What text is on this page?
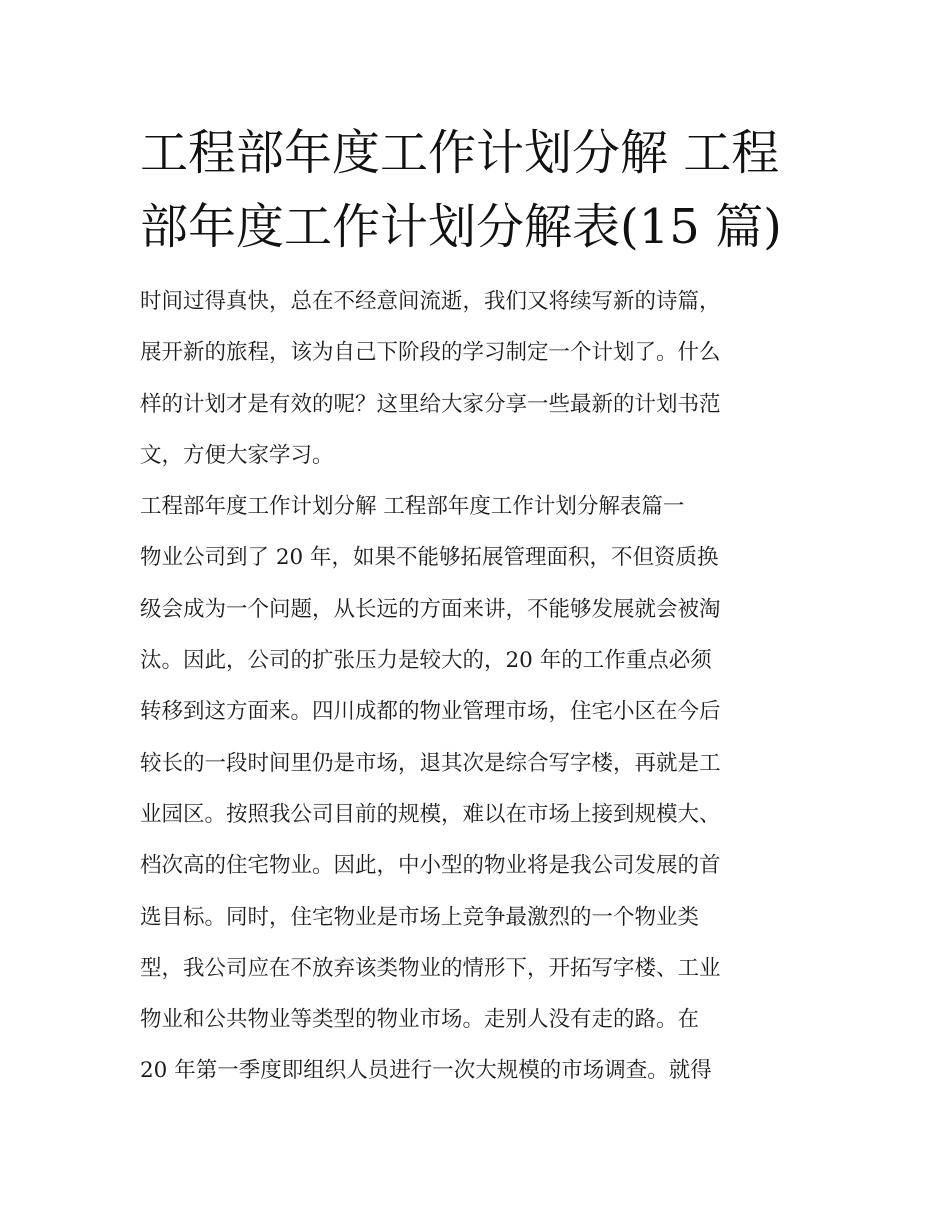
工程部年度工作计划分解 工程
部年度工作计划分解表(15 篇)
时间过得真快，总在不经意间流逝，我们又将续写新的诗篇，
展开新的旅程，该为自己下阶段的学习制定一个计划了。什么
样的计划才是有效的呢？这里给大家分享一些最新的计划书范
文，方便大家学习。
工程部年度工作计划分解 工程部年度工作计划分解表篇一
物业公司到了 20 年，如果不能够拓展管理面积，不但资质换
级会成为一个问题，从长远的方面来讲，不能够发展就会被淘
汰。因此，公司的扩张压力是较大的，20 年的工作重点必须
转移到这方面来。四川成都的物业管理市场，住宅小区在今后
较长的一段时间里仍是市场，退其次是综合写字楼，再就是工
业园区。按照我公司目前的规模，难以在市场上接到规模大、
档次高的住宅物业。因此，中小型的物业将是我公司发展的首
选目标。同时，住宅物业是市场上竞争最激烈的一个物业类
型，我公司应在不放弃该类物业的情形下，开拓写字楼、工业
物业和公共物业等类型的物业市场。走别人没有走的路。在
20 年第一季度即组织人员进行一次大规模的市场调查。就得
